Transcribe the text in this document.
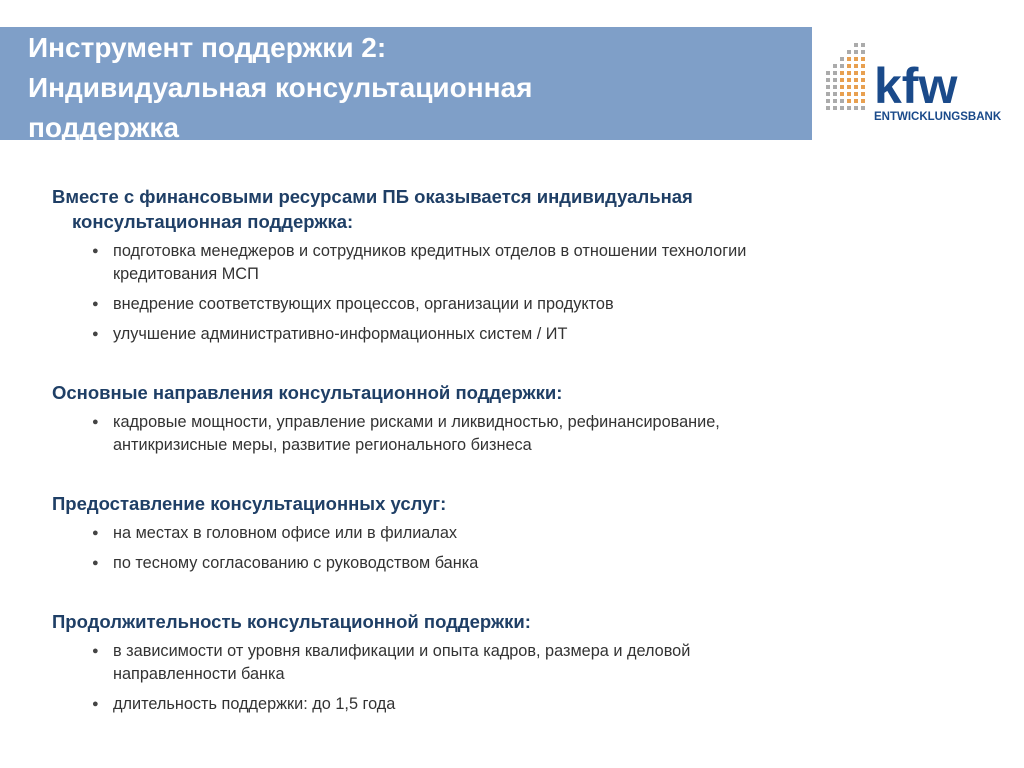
Инструмент поддержки 2:
Индивидуальная консультационная
поддержка
kfw
ENTWICKLUNGSBANK
Вместе с финансовыми ресурсами ПБ оказывается индивидуальная
консультационная поддержка:
● подготовка менеджеров и сотрудников кредитных отделов в отношении технологии
кредитования МСП
● внедрение соответствующих процессов, организации и продуктов
● улучшение административно-информационных систем / ИТ
Основные направления консультационной поддержки:
● кадровые мощности, управление рисками и ликвидностью, рефинансирование,
антикризисные меры, развитие регионального бизнеса
Предоставление консультационных услуг:
● на местах в головном офисе или в филиалах
● по тесному согласованию с руководством банка
Продолжительность консультационной поддержки:
● в зависимости от уровня квалификации и опыта кадров, размера и деловой
направленности банка
● длительность поддержки: до 1,5 года
